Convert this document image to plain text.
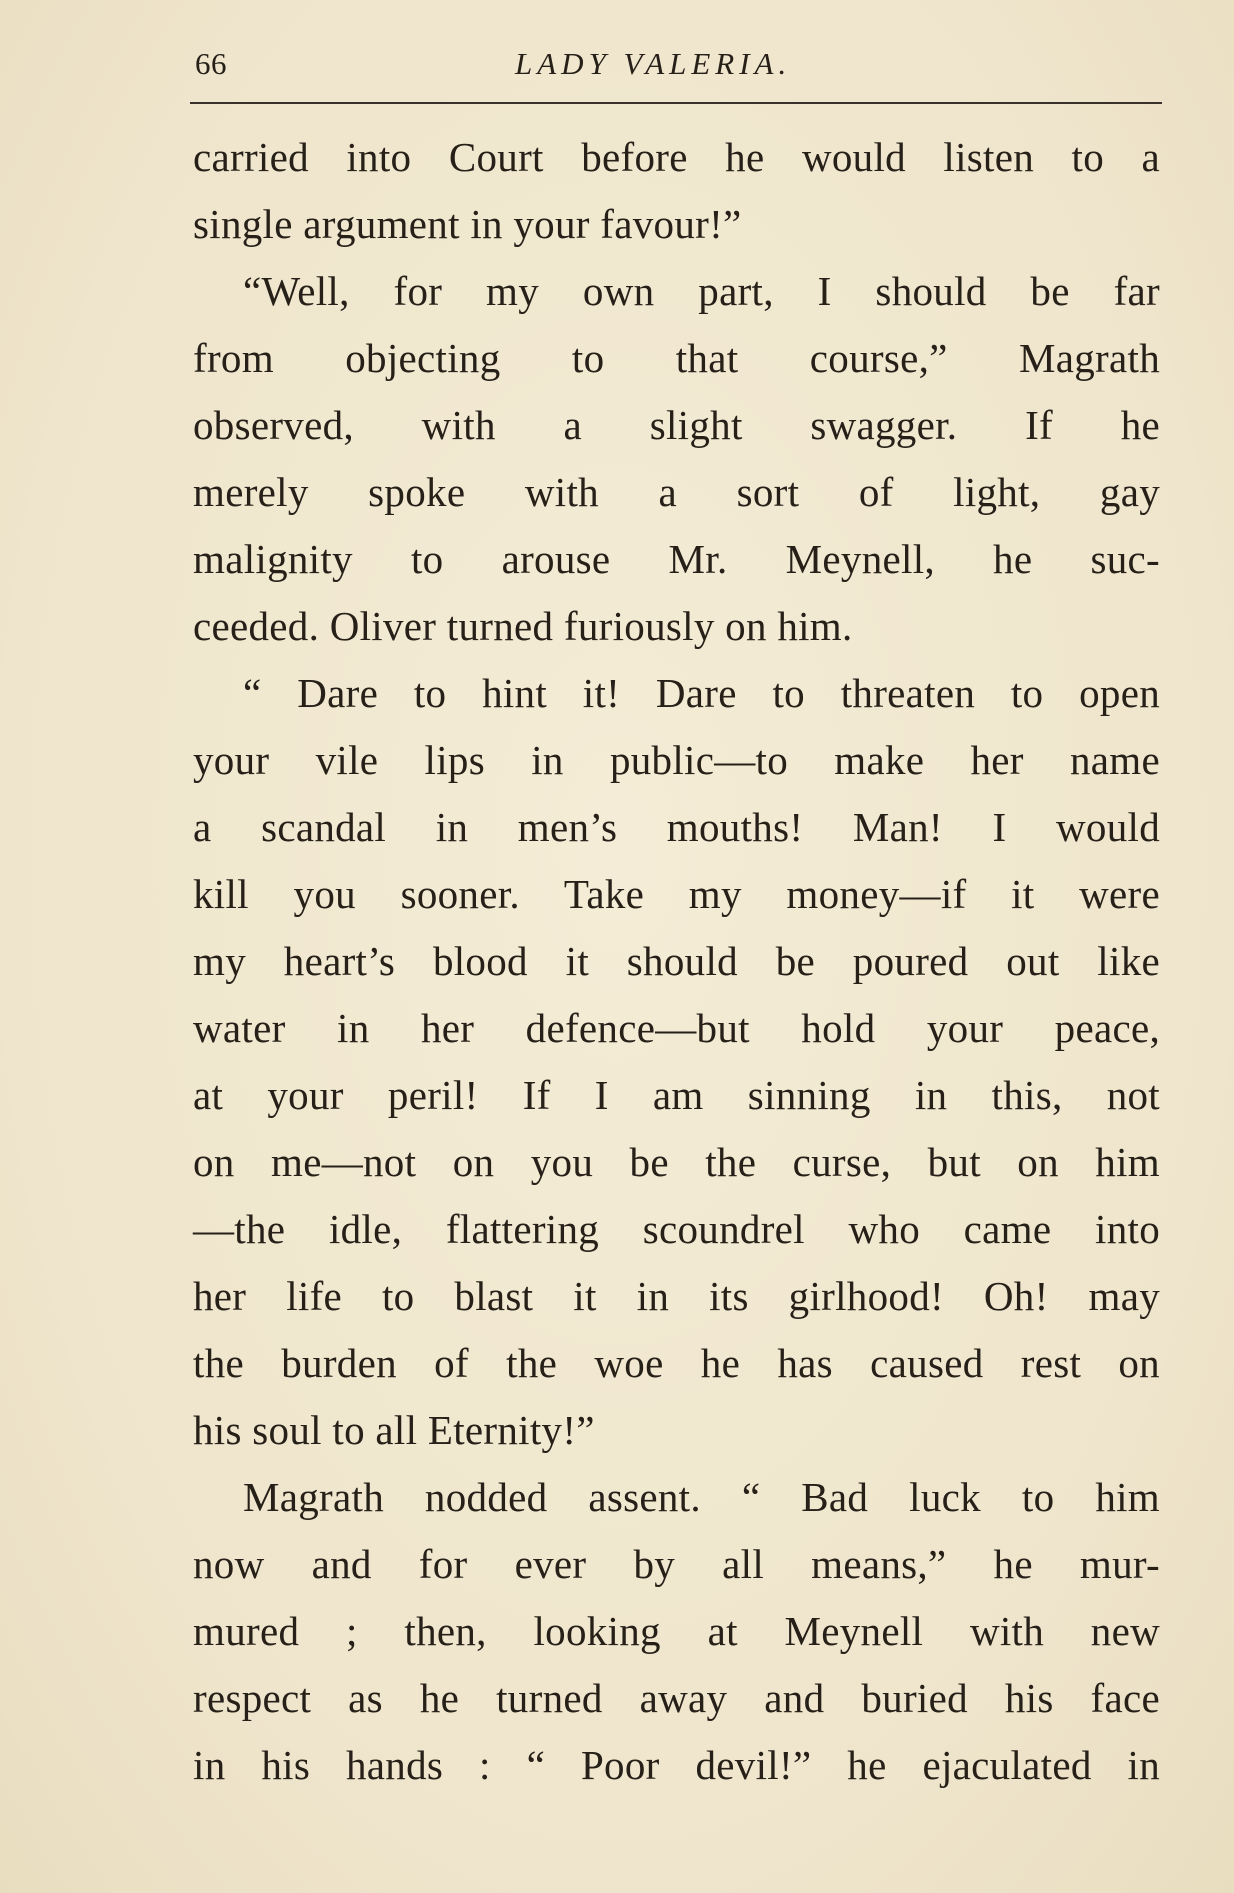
66	LADY VALERIA.
carried into Court before he would listen to a
single argument in your favour!”
“Well, for my own part, I should be far
from objecting to that course,” Magrath
observed, with a slight swagger. If he
merely spoke with a sort of light, gay
malignity to arouse Mr. Meynell, he suc-
ceeded. Oliver turned furiously on him.
“ Dare to hint it! Dare to threaten to open
your vile lips in public—to make her name
a scandal in men’s mouths! Man! I would
kill you sooner. Take my money—if it were
my heart’s blood it should be poured out like
water in her defence—but hold your peace,
at your peril! If I am sinning in this, not
on me—not on you be the curse, but on him
—the idle, flattering scoundrel who came into
her life to blast it in its girlhood! Oh! may
the burden of the woe he has caused rest on
his soul to all Eternity!”
Magrath nodded assent. “ Bad luck to him
now and for ever by all means,” he mur-
mured ; then, looking at Meynell with new
respect as he turned away and buried his face
in his hands : “ Poor devil!” he ejaculated in
